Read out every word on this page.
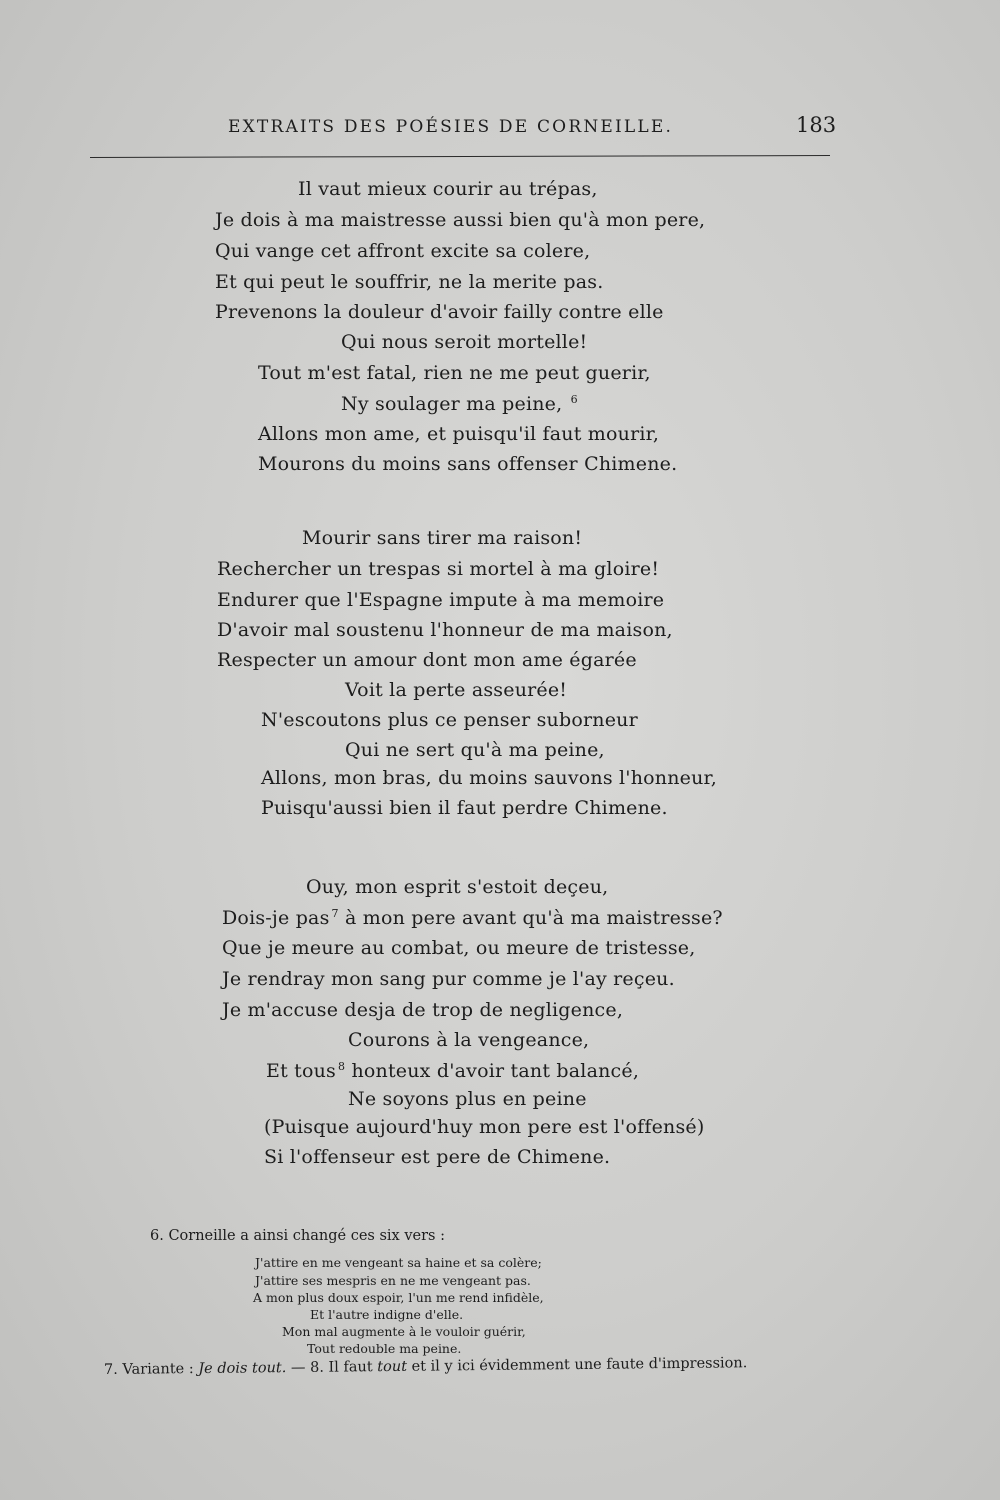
EXTRAITS DES POÉSIES DE CORNEILLE.	183
Il vaut mieux courir au trépas,
Je dois à ma maistresse aussi bien qu'à mon pere,
Qui vange cet affront excite sa colere,
Et qui peut le souffrir, ne la merite pas.
Prevenons la douleur d'avoir failly contre elle
Qui nous seroit mortelle!
Tout m'est fatal, rien ne me peut guerir,
Ny soulager ma peine, $^6$
Allons mon ame, et puisqu'il faut mourir,
Mourons du moins sans offenser Chimene.
Mourir sans tirer ma raison!
Rechercher un trespas si mortel à ma gloire!
Endurer que l'Espagne impute à ma memoire
D'avoir mal soustenu l'honneur de ma maison,
Respecter un amour dont mon ame égarée
Voit la perte asseurée!
N'escoutons plus ce penser suborneur
Qui ne sert qu'à ma peine,
Allons, mon bras, du moins sauvons l'honneur,
Puisqu'aussi bien il faut perdre Chimene.
Ouy, mon esprit s'estoit deçeu,
Dois-je pas $^7$ à mon pere avant qu'à ma maistresse?
Que je meure au combat, ou meure de tristesse,
Je rendray mon sang pur comme je l'ay reçeu.
Je m'accuse desja de trop de negligence,
Courons à la vengeance,
Et tous $^8$ honteux d'avoir tant balancé,
Ne soyons plus en peine
(Puisque aujourd'huy mon pere est l'offensé)
Si l'offenseur est pere de Chimene.
6. Corneille a ainsi changé ces six vers :
J'attire en me vengeant sa haine et sa colère;
J'attire ses mespris en ne me vengeant pas.
A mon plus doux espoir, l'un me rend infidèle,
Et l'autre indigne d'elle.
Mon mal augmente à le vouloir guérir,
Tout redouble ma peine.
7. Variante : Je dois tout. — 8. Il faut tout et il y ici évidemment une faute d'impression.
